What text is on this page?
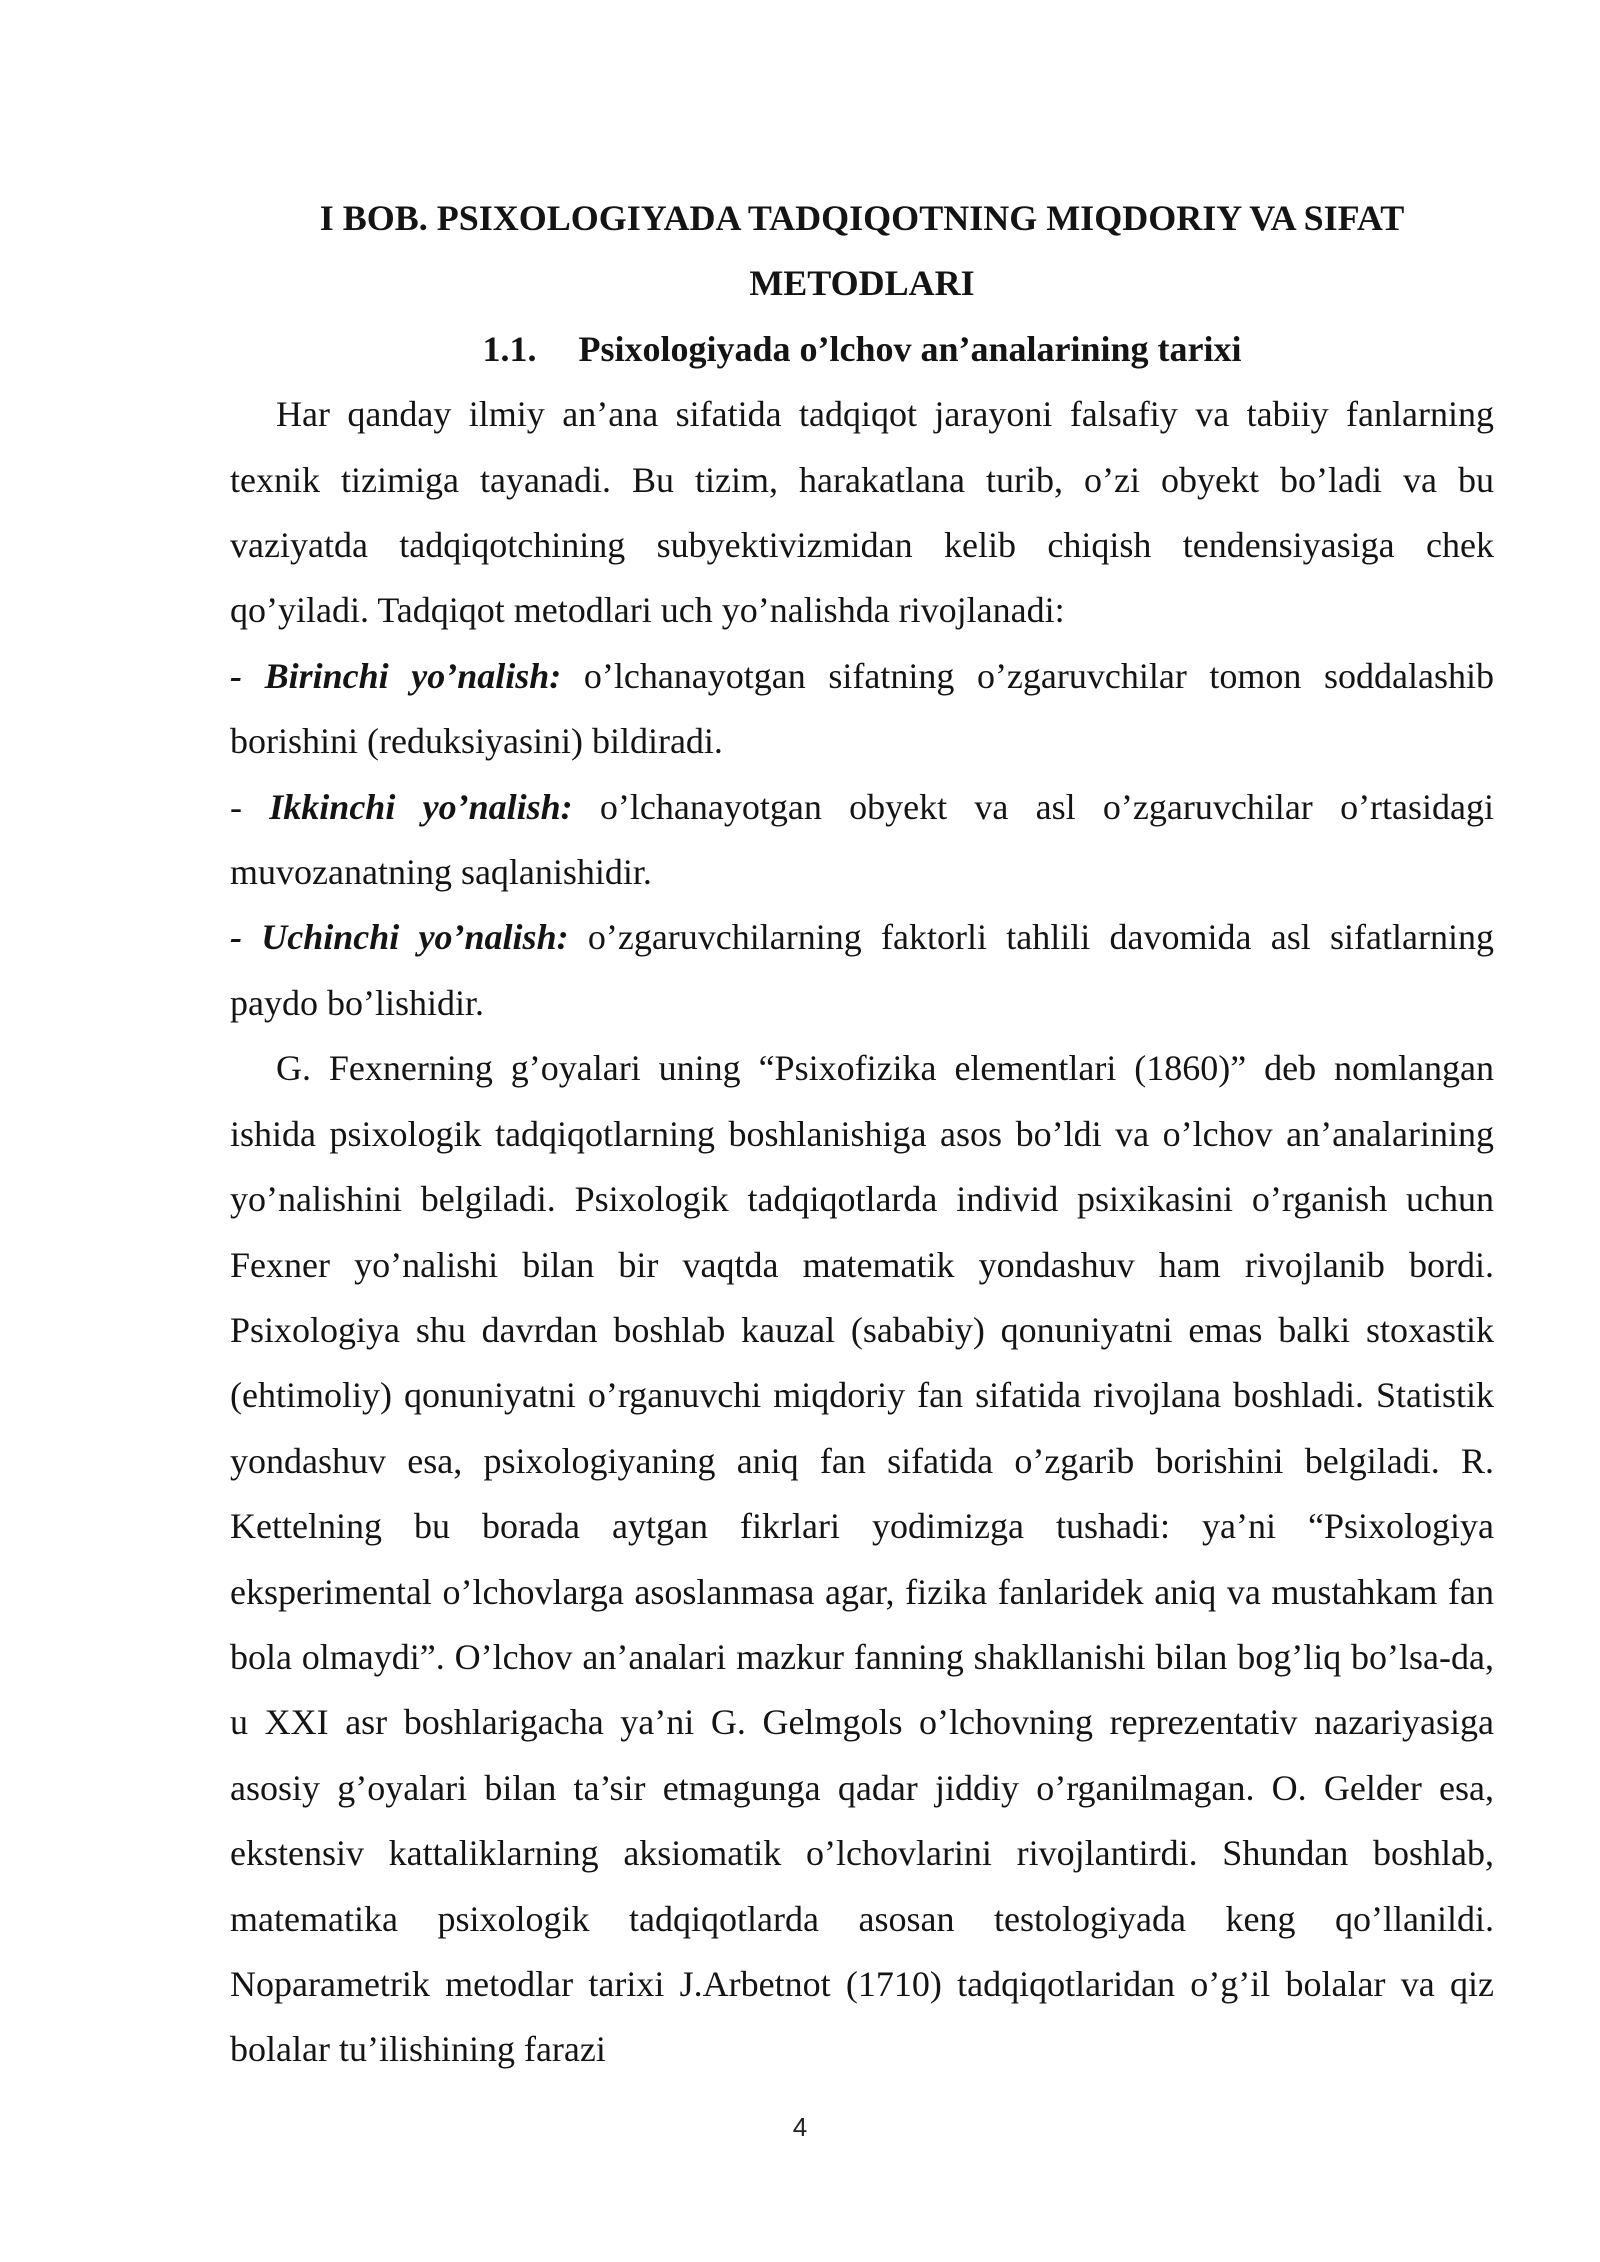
I BOB. PSIXOLOGIYADA TADQIQOTNING MIQDORIY VA SIFAT METODLARI
1.1. Psixologiyada o’lchov an’analarining tarixi

Har qanday ilmiy an’ana sifatida tadqiqot jarayoni falsafiy va tabiiy fanlarning texnik tizimiga tayanadi. Bu tizim, harakatlana turib, o’zi obyekt bo’ladi va bu vaziyatda tadqiqotchining subyektivizmidan kelib chiqish tendensiyasiga chek qo’yiladi. Tadqiqot metodlari uch yo’nalishda rivojlanadi:

- Birinchi yo’nalish: o’lchanayotgan sifatning o’zgaruvchilar tomon soddalashib borishini (reduksiyasini) bildiradi.

- Ikkinchi yo’nalish: o’lchanayotgan obyekt va asl o’zgaruvchilar o’rtasidagi muvozanatning saqlanishidir.

- Uchinchi yo’nalish: o’zgaruvchilarning faktorli tahlili davomida asl sifatlarning paydo bo’lishidir.

G. Fexnerning g’oyalari uning “Psixofizika elementlari (1860)” deb nomlangan ishida psixologik tadqiqotlarning boshlanishiga asos bo’ldi va o’lchov an’analarining yo’nalishini belgiladi. Psixologik tadqiqotlarda individ psixikasini o’rganish uchun Fexner yo’nalishi bilan bir vaqtda matematik yondashuv ham rivojlanib bordi. Psixologiya shu davrdan boshlab kauzal (sababiy) qonuniyatni emas balki stoxastik (ehtimoliy) qonuniyatni o’rganuvchi miqdoriy fan sifatida rivojlana boshladi. Statistik yondashuv esa, psixologiyaning aniq fan sifatida o’zgarib borishini belgiladi. R. Kettelning bu borada aytgan fikrlari yodimizga tushadi: ya’ni “Psixologiya eksperimental o’lchovlarga asoslanmasa agar, fizika fanlaridek aniq va mustahkam fan bola olmaydi”. O’lchov an’analari mazkur fanning shakllanishi bilan bog’liq bo’lsa-da, u XXI asr boshlarigacha ya’ni G. Gelmgols o’lchovning reprezentativ nazariyasiga asosiy g’oyalari bilan ta’sir etmagunga qadar jiddiy o’rganilmagan. O. Gelder esa, ekstensiv kattaliklarning aksiomatik o’lchovlarini rivojlantirdi. Shundan boshlab, matematika psixologik tadqiqotlarda asosan testologiyada keng qo’llanildi. Noparametrik metodlar tarixi J.Arbetnot (1710) tadqiqotlaridan o’g’il bolalar va qiz bolalar tu’ilishining farazi

4
